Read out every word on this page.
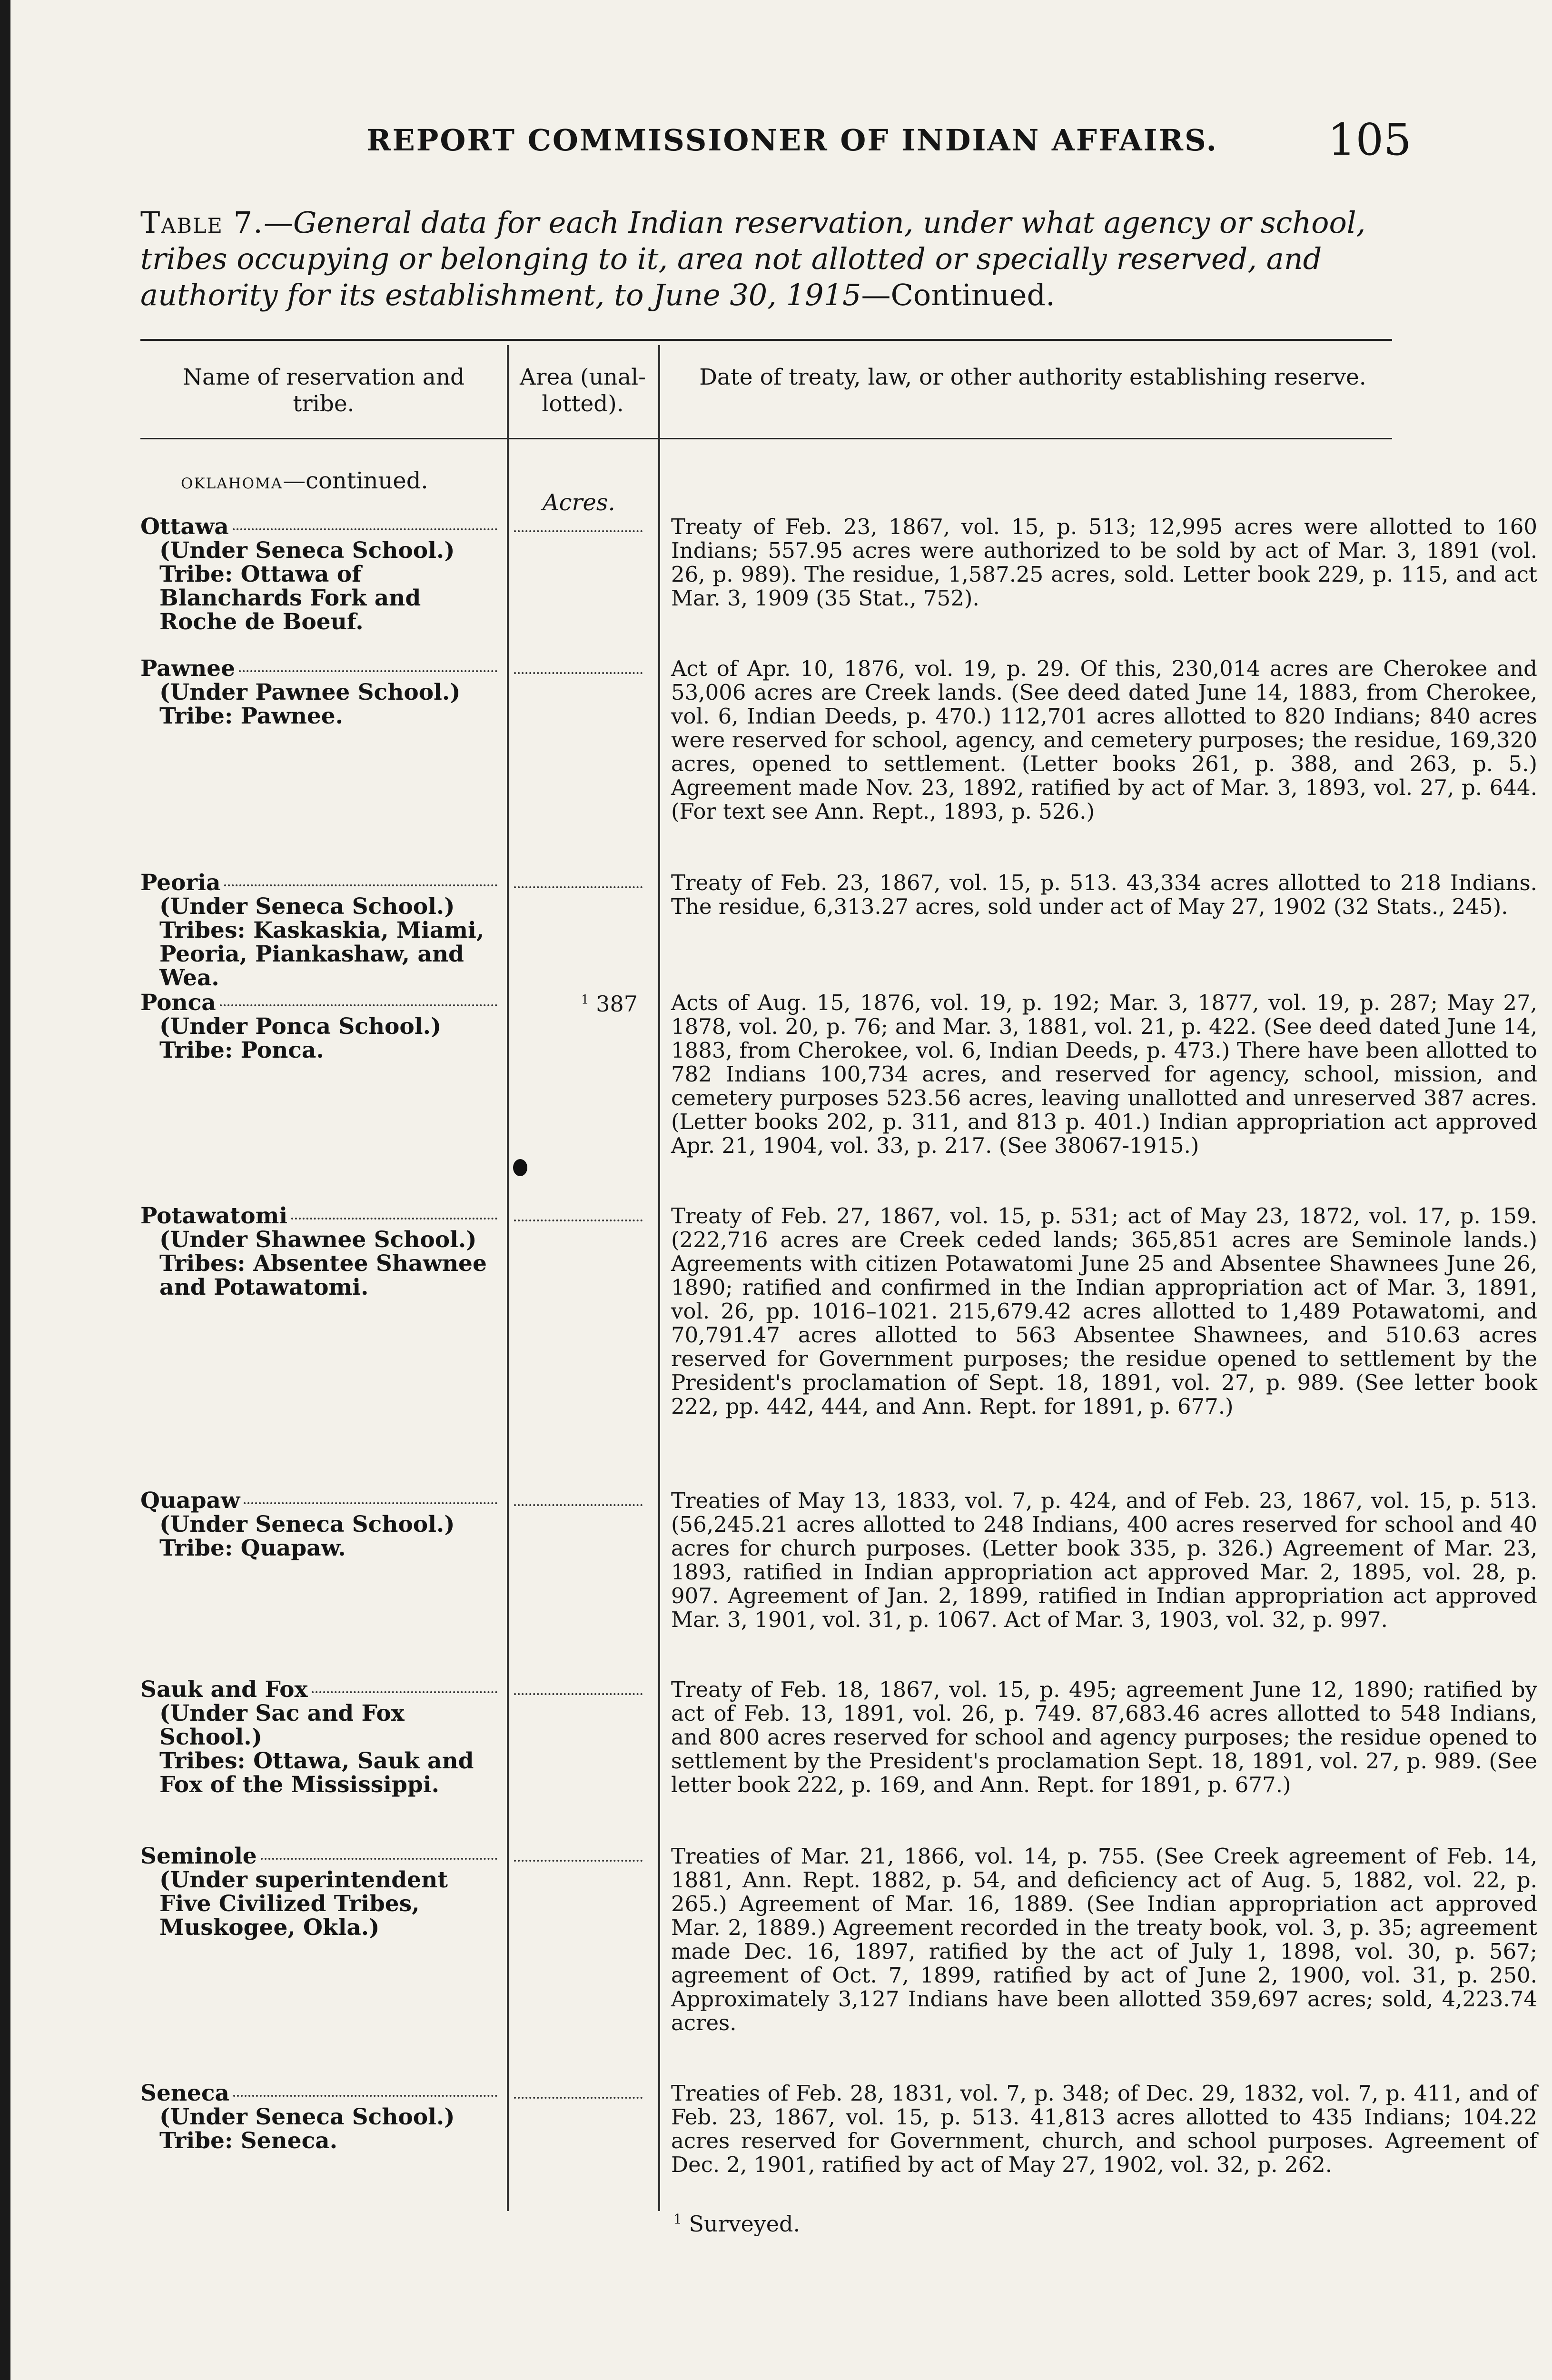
REPORT COMMISSIONER OF INDIAN AFFAIRS.	105
Table 7.—General data for each Indian reservation, under what agency or school, tribes occupying or belonging to it, area not allotted or specially reserved, and authority for its establishment, to June 30, 1915—Continued.
Name of reservation and tribe.
Area (unal-lotted).
Date of treaty, law, or other authority establishing reserve.
oklahoma—continued.
Acres.
Ottawa
(Under Seneca School.)
Tribe: Ottawa of Blanchards Fork and Roche de Boeuf.
Treaty of Feb. 23, 1867, vol. 15, p. 513; 12,995 acres were allotted to 160 Indians; 557.95 acres were authorized to be sold by act of Mar. 3, 1891 (vol. 26, p. 989). The residue, 1,587.25 acres, sold. Letter book 229, p. 115, and act Mar. 3, 1909 (35 Stat., 752).
Pawnee
(Under Pawnee School.)
Tribe: Pawnee.
Act of Apr. 10, 1876, vol. 19, p. 29. Of this, 230,014 acres are Cherokee and 53,006 acres are Creek lands. (See deed dated June 14, 1883, from Cherokee, vol. 6, Indian Deeds, p. 470.) 112,701 acres allotted to 820 Indians; 840 acres were reserved for school, agency, and cemetery purposes; the residue, 169,320 acres, opened to settlement. (Letter books 261, p. 388, and 263, p. 5.) Agreement made Nov. 23, 1892, ratified by act of Mar. 3, 1893, vol. 27, p. 644. (For text see Ann. Rept., 1893, p. 526.)
Peoria
(Under Seneca School.)
Tribes: Kaskaskia, Miami, Peoria, Piankashaw, and Wea.
Treaty of Feb. 23, 1867, vol. 15, p. 513. 43,334 acres allotted to 218 Indians. The residue, 6,313.27 acres, sold under act of May 27, 1902 (32 Stats., 245).
Ponca
(Under Ponca School.)
Tribe: Ponca.
$^1$ 387 Acts of Aug. 15, 1876, vol. 19, p. 192; Mar. 3, 1877, vol. 19, p. 287; May 27, 1878, vol. 20, p. 76; and Mar. 3, 1881, vol. 21, p. 422. (See deed dated June 14, 1883, from Cherokee, vol. 6, Indian Deeds, p. 473.) There have been allotted to 782 Indians 100,734 acres, and reserved for agency, school, mission, and cemetery purposes 523.56 acres, leaving unallotted and unreserved 387 acres. (Letter books 202, p. 311, and 813 p. 401.) Indian appropriation act approved Apr. 21, 1904, vol. 33, p. 217. (See 38067-1915.)
Potawatomi
(Under Shawnee School.)
Tribes: Absentee Shawnee and Potawatomi.
Treaty of Feb. 27, 1867, vol. 15, p. 531; act of May 23, 1872, vol. 17, p. 159. (222,716 acres are Creek ceded lands; 365,851 acres are Seminole lands.) Agreements with citizen Potawatomi June 25 and Absentee Shawnees June 26, 1890; ratified and confirmed in the Indian appropriation act of Mar. 3, 1891, vol. 26, pp. 1016–1021. 215,679.42 acres allotted to 1,489 Potawatomi, and 70,791.47 acres allotted to 563 Absentee Shawnees, and 510.63 acres reserved for Government purposes; the residue opened to settlement by the President's proclamation of Sept. 18, 1891, vol. 27, p. 989. (See letter book 222, pp. 442, 444, and Ann. Rept. for 1891, p. 677.)
Quapaw
(Under Seneca School.)
Tribe: Quapaw.
Treaties of May 13, 1833, vol. 7, p. 424, and of Feb. 23, 1867, vol. 15, p. 513. (56,245.21 acres allotted to 248 Indians, 400 acres reserved for school and 40 acres for church purposes. (Letter book 335, p. 326.) Agreement of Mar. 23, 1893, ratified in Indian appropriation act approved Mar. 2, 1895, vol. 28, p. 907. Agreement of Jan. 2, 1899, ratified in Indian appropriation act approved Mar. 3, 1901, vol. 31, p. 1067. Act of Mar. 3, 1903, vol. 32, p. 997.
Sauk and Fox
(Under Sac and Fox School.)
Tribes: Ottawa, Sauk and Fox of the Mississippi.
Treaty of Feb. 18, 1867, vol. 15, p. 495; agreement June 12, 1890; ratified by act of Feb. 13, 1891, vol. 26, p. 749. 87,683.46 acres allotted to 548 Indians, and 800 acres reserved for school and agency purposes; the residue opened to settlement by the President's proclamation Sept. 18, 1891, vol. 27, p. 989. (See letter book 222, p. 169, and Ann. Rept. for 1891, p. 677.)
Seminole
(Under superintendent Five Civilized Tribes, Muskogee, Okla.)
Treaties of Mar. 21, 1866, vol. 14, p. 755. (See Creek agreement of Feb. 14, 1881, Ann. Rept. 1882, p. 54, and deficiency act of Aug. 5, 1882, vol. 22, p. 265.) Agreement of Mar. 16, 1889. (See Indian appropriation act approved Mar. 2, 1889.) Agreement recorded in the treaty book, vol. 3, p. 35; agreement made Dec. 16, 1897, ratified by the act of July 1, 1898, vol. 30, p. 567; agreement of Oct. 7, 1899, ratified by act of June 2, 1900, vol. 31, p. 250. Approximately 3,127 Indians have been allotted 359,697 acres; sold, 4,223.74 acres.
Seneca
(Under Seneca School.)
Tribe: Seneca.
Treaties of Feb. 28, 1831, vol. 7, p. 348; of Dec. 29, 1832, vol. 7, p. 411, and of Feb. 23, 1867, vol. 15, p. 513. 41,813 acres allotted to 435 Indians; 104.22 acres reserved for Government, church, and school purposes. Agreement of Dec. 2, 1901, ratified by act of May 27, 1902, vol. 32, p. 262.
$^1$ Surveyed.
